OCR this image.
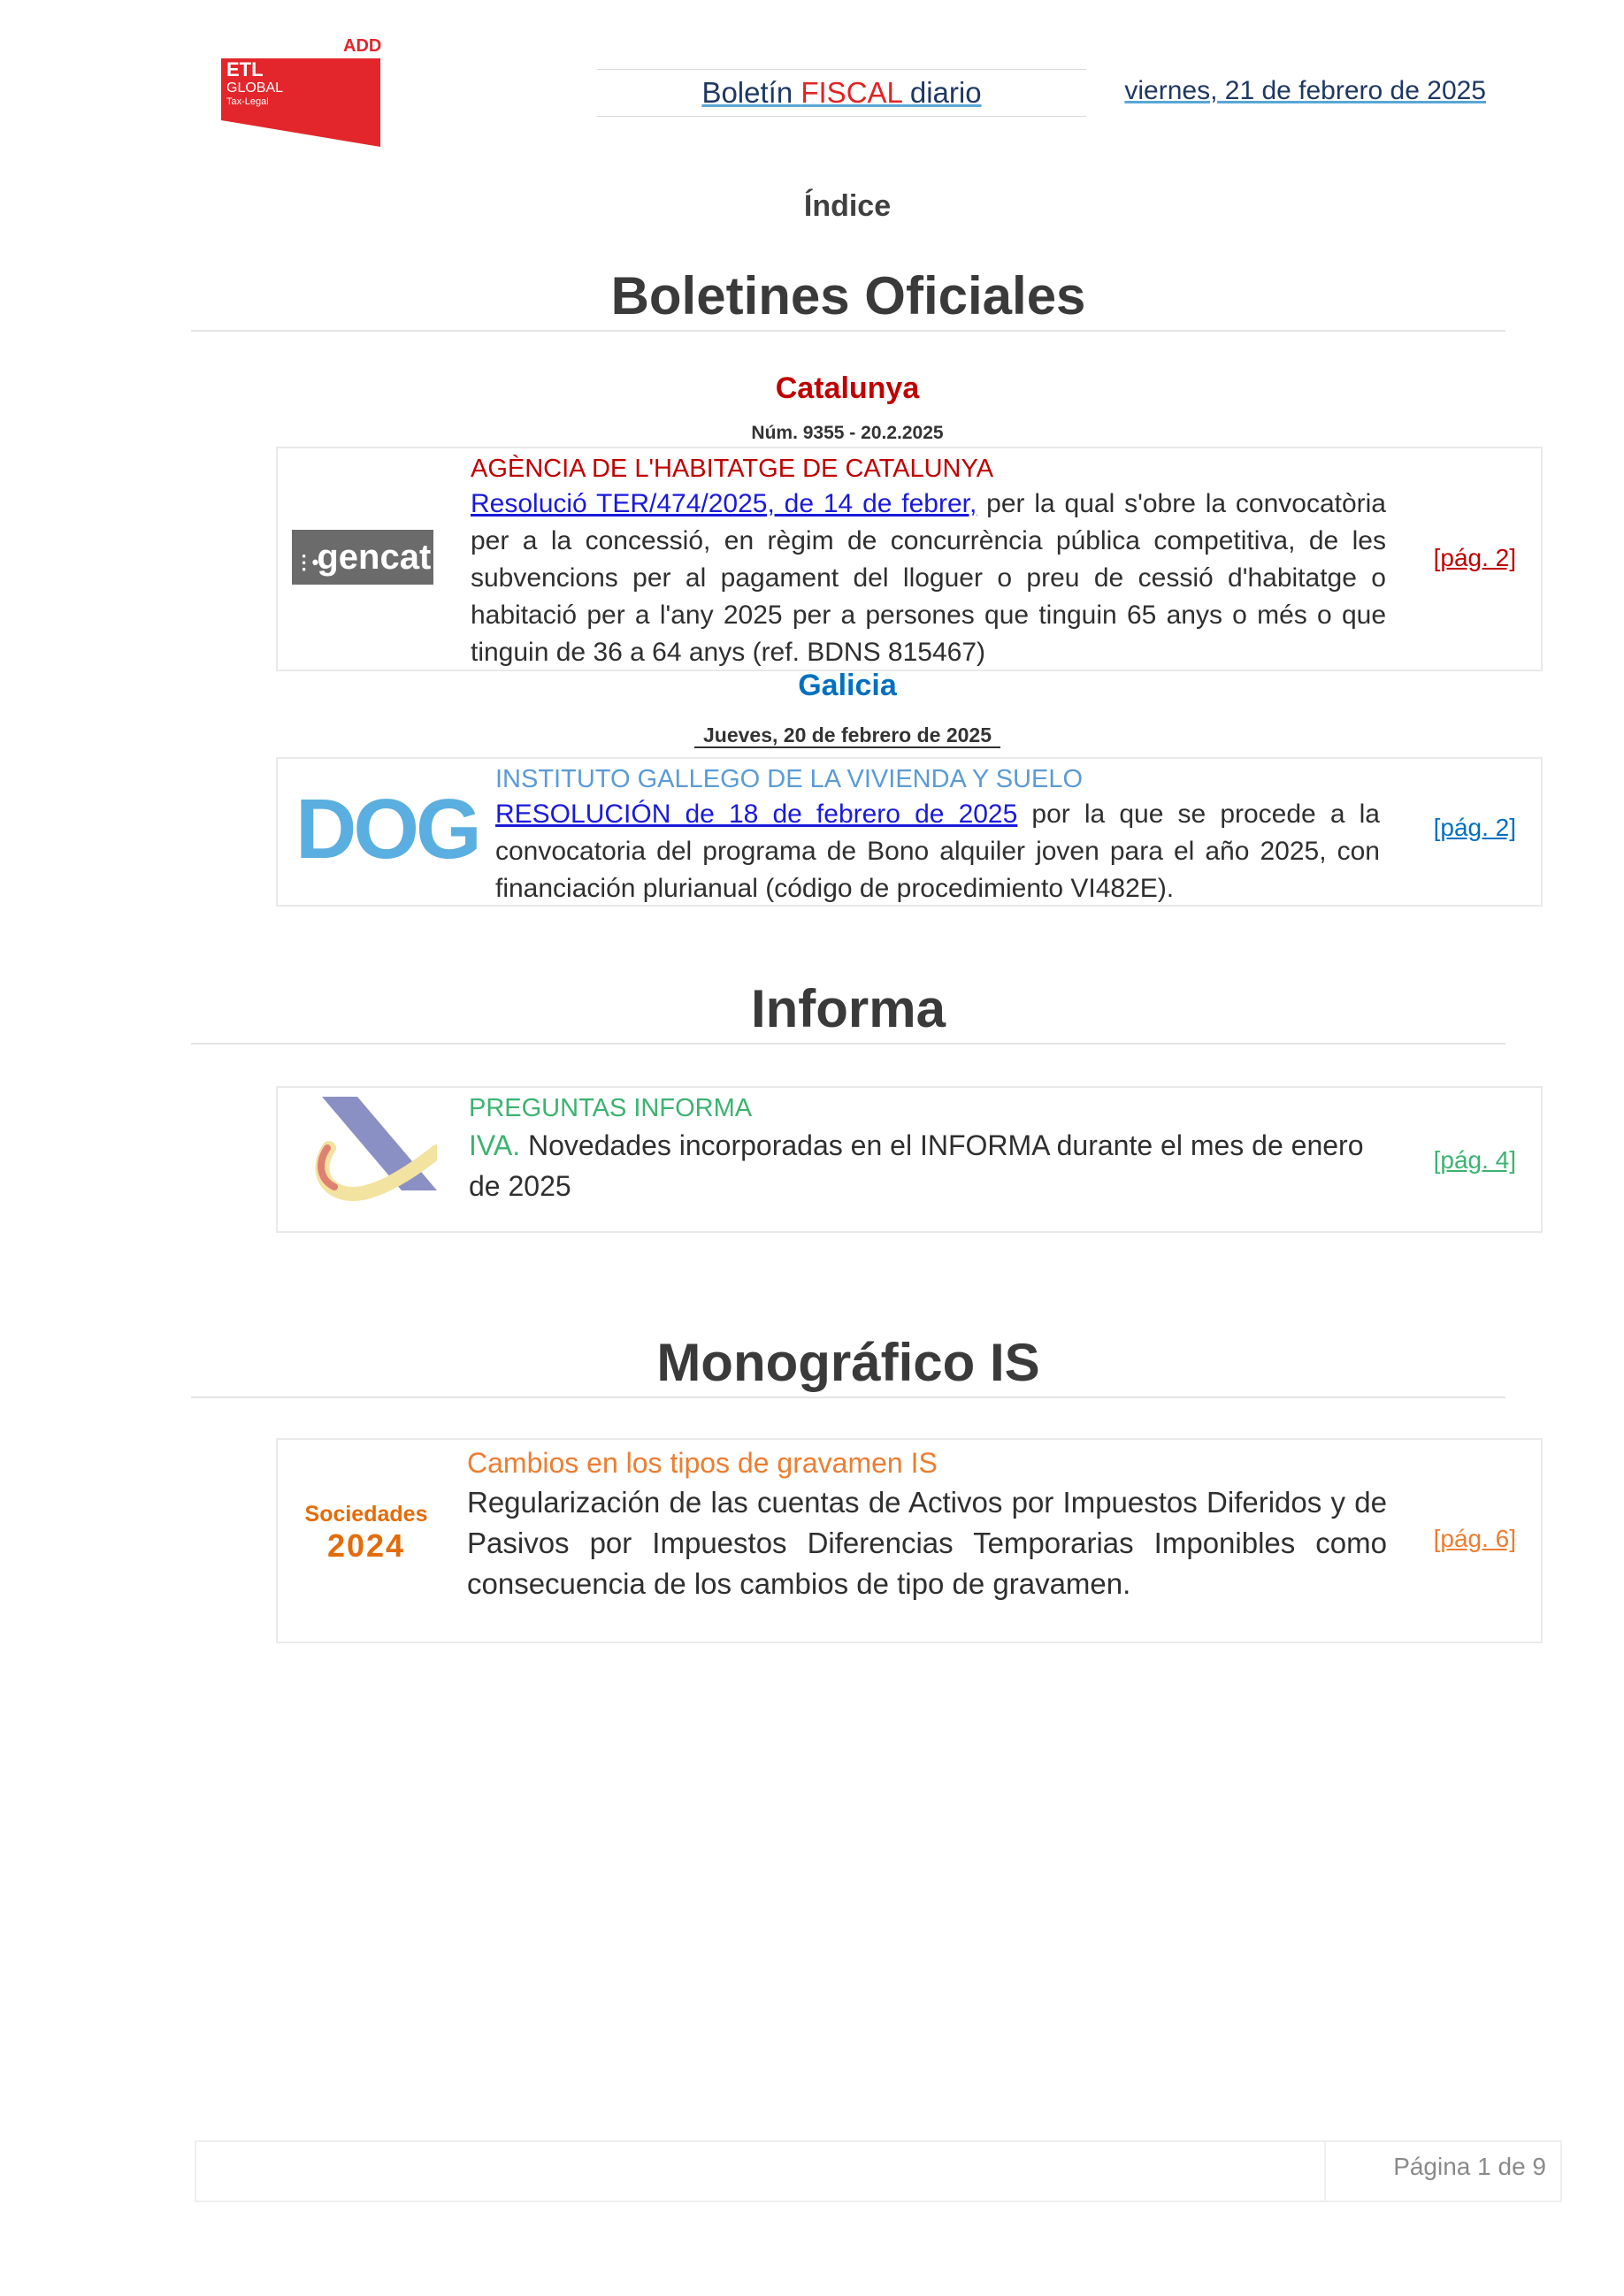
ADD
ETL
GLOBAL
Tax-Legal	Boletín FISCAL diario	viernes, 21 de febrero de 2025
Índice
Boletines Oficiales
Catalunya
Núm. 9355 - 20.2.2025
⋮•gencat
AGÈNCIA DE L'HABITATGE DE CATALUNYA
Resolució TER/474/2025, de 14 de febrer, per la qual s'obre la convocatòria per a la concessió, en règim de concurrència pública competitiva, de les subvencions per al pagament del lloguer o preu de cessió d'habitatge o habitació per a l'any 2025 per a persones que tinguin 65 anys o més o que tinguin de 36 a 64 anys (ref. BDNS 815467)
[pág. 2]
Galicia
Jueves, 20 de febrero de 2025
DOG
INSTITUTO GALLEGO DE LA VIVIENDA Y SUELO
RESOLUCIÓN de 18 de febrero de 2025 por la que se procede a la convocatoria del programa de Bono alquiler joven para el año 2025, con financiación plurianual (código de procedimiento VI482E).
[pág. 2]
Informa
PREGUNTAS INFORMA
IVA. Novedades incorporadas en el INFORMA durante el mes de enero de 2025
[pág. 4]
Monográfico IS
Sociedades
2024
Cambios en los tipos de gravamen IS
Regularización de las cuentas de Activos por Impuestos Diferidos y de Pasivos por Impuestos Diferencias Temporarias Imponibles como consecuencia de los cambios de tipo de gravamen.
[pág. 6]
Página 1 de 9
